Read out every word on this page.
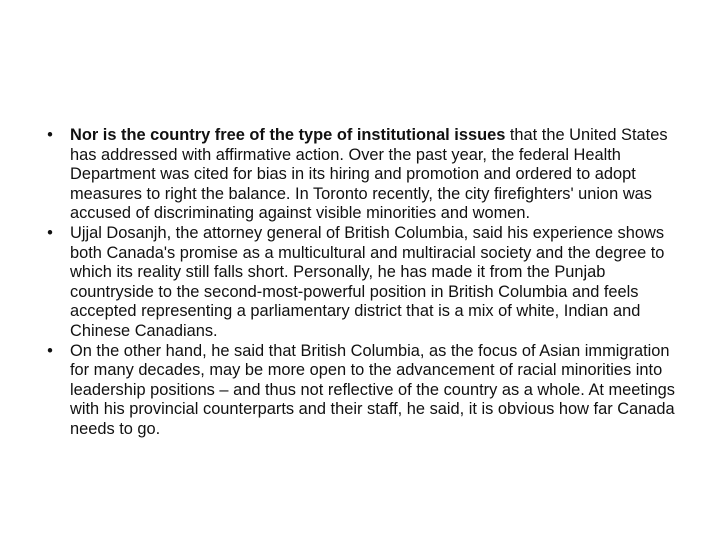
• Nor is the country free of the type of institutional issues that the United States has addressed with affirmative action. Over the past year, the federal Health Department was cited for bias in its hiring and promotion and ordered to adopt measures to right the balance. In Toronto recently, the city firefighters' union was accused of discriminating against visible minorities and women.
• Ujjal Dosanjh, the attorney general of British Columbia, said his experience shows both Canada's promise as a multicultural and multiracial society and the degree to which its reality still falls short. Personally, he has made it from the Punjab countryside to the second-most-powerful position in British Columbia and feels accepted representing a parliamentary district that is a mix of white, Indian and Chinese Canadians.
• On the other hand, he said that British Columbia, as the focus of Asian immigration for many decades, may be more open to the advancement of racial minorities into leadership positions – and thus not reflective of the country as a whole. At meetings with his provincial counterparts and their staff, he said, it is obvious how far Canada needs to go.
